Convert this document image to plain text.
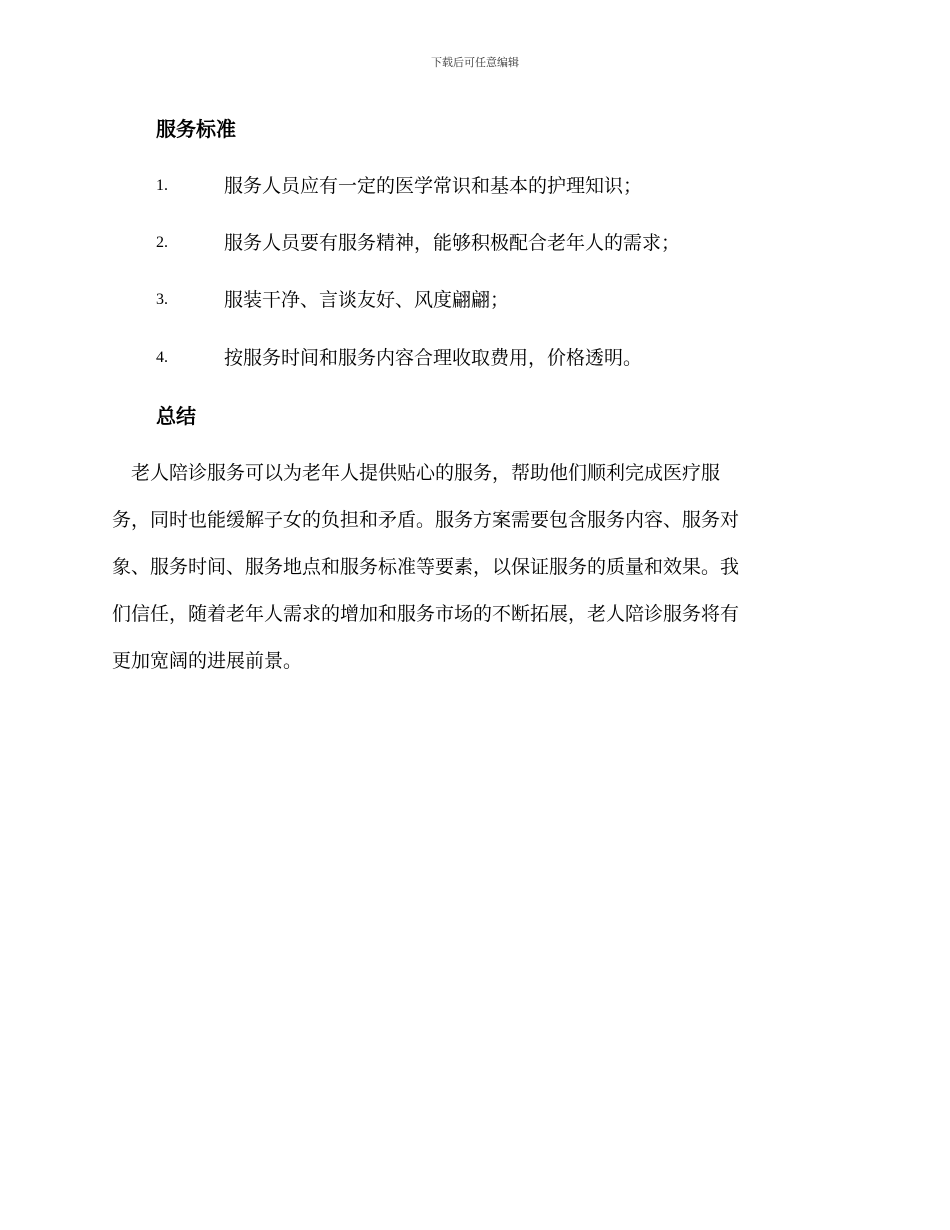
下载后可任意编辑
服务标准
1.	服务人员应有一定的医学常识和基本的护理知识；
2.	服务人员要有服务精神，能够积极配合老年人的需求；
3.	服装干净、言谈友好、风度翩翩；
4.	按服务时间和服务内容合理收取费用，价格透明。
总结
　老人陪诊服务可以为老年人提供贴心的服务，帮助他们顺利完成医疗服
务，同时也能缓解子女的负担和矛盾。服务方案需要包含服务内容、服务对
象、服务时间、服务地点和服务标准等要素，以保证服务的质量和效果。我
们信任，随着老年人需求的增加和服务市场的不断拓展，老人陪诊服务将有
更加宽阔的进展前景。
